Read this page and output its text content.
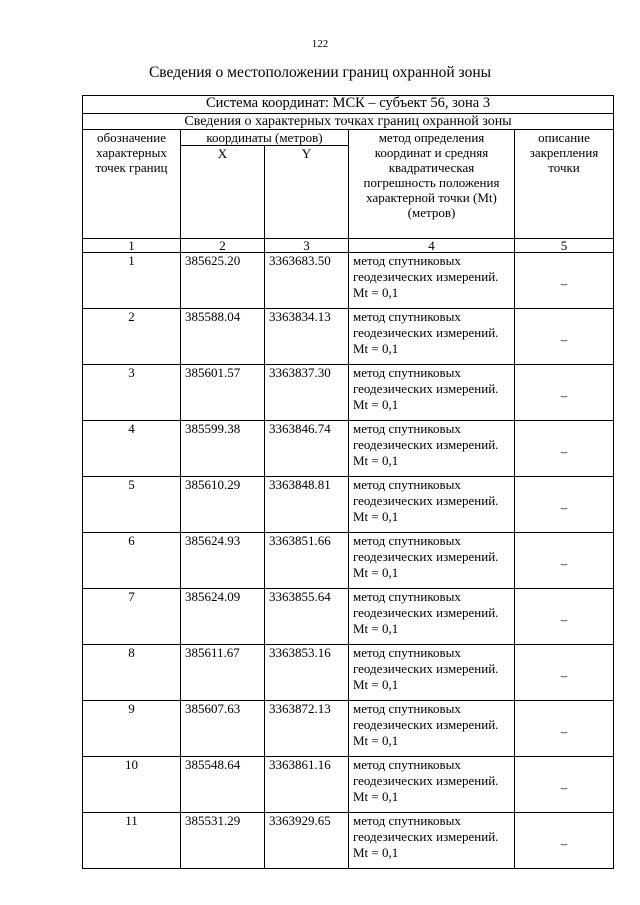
122
Сведения о местоположении границ охранной зоны
Система координат: МСК – субъект 56, зона 3				
Сведения о характерных точках границ охранной зоны				
обозначение характерных точек границ	координаты (метров)		метод определения координат и средняя квадратическая погрешность положения характерной точки (Mt) (метров)	описание закрепления точки
	X	Y		
1	2	3	4	5
1	385625.20	3363683.50	метод спутниковых геодезических измерений. Mt = 0,1	–
2	385588.04	3363834.13	метод спутниковых геодезических измерений. Mt = 0,1	–
3	385601.57	3363837.30	метод спутниковых геодезических измерений. Mt = 0,1	–
4	385599.38	3363846.74	метод спутниковых геодезических измерений. Mt = 0,1	–
5	385610.29	3363848.81	метод спутниковых геодезических измерений. Mt = 0,1	–
6	385624.93	3363851.66	метод спутниковых геодезических измерений. Mt = 0,1	–
7	385624.09	3363855.64	метод спутниковых геодезических измерений. Mt = 0,1	–
8	385611.67	3363853.16	метод спутниковых геодезических измерений. Mt = 0,1	–
9	385607.63	3363872.13	метод спутниковых геодезических измерений. Mt = 0,1	–
10	385548.64	3363861.16	метод спутниковых геодезических измерений. Mt = 0,1	–
11	385531.29	3363929.65	метод спутниковых геодезических измерений. Mt = 0,1	–
